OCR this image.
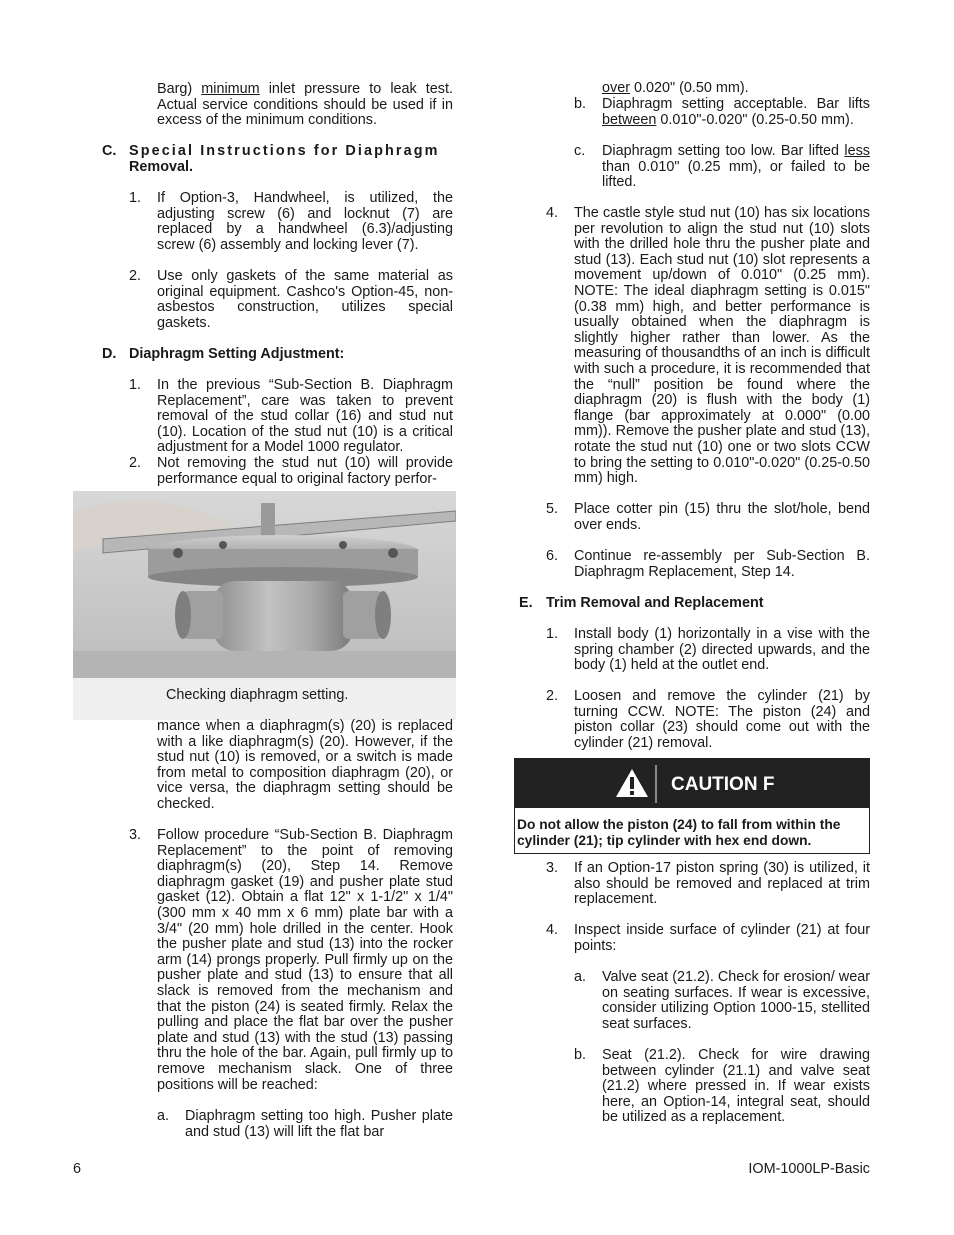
Barg) minimum inlet pressure to leak test. Actual service conditions should be used if in excess of the minimum conditions.
C. Special Instructions for Diaphragm
Removal.
1. If Option-3, Handwheel, is utilized, the adjusting screw (6) and locknut (7) are replaced by a handwheel (6.3)/adjusting screw (6) assembly and locking lever (7).
2. Use only gaskets of the same material as original equipment. Cashco's Option-45, non-asbestos construction, utilizes special gaskets.
D. Diaphragm Setting Adjustment:
1. In the previous “Sub-Section B. Diaphragm Replacement”, care was taken to prevent removal of the stud collar (16) and stud nut (10). Location of the stud nut (10) is a critical adjustment for a Model 1000 regulator.
2. Not removing the stud nut (10) will provide performance equal to original factory perfor-
Checking diaphragm setting.
mance when a diaphragm(s) (20) is replaced with a like diaphragm(s) (20). However, if the stud nut (10) is removed, or a switch is made from metal to composition diaphragm (20), or vice versa, the diaphragm setting should be checked.
3. Follow procedure “Sub-Section B. Diaphragm Replacement” to the point of removing diaphragm(s) (20), Step 14. Remove diaphragm gasket (19) and pusher plate stud gasket (12). Obtain a flat 12" x 1-1/2" x 1/4" (300 mm x 40 mm x 6 mm) plate bar with a 3/4" (20 mm) hole drilled in the center. Hook the pusher plate and stud (13) into the rocker arm (14) prongs properly. Pull firmly up on the pusher plate and stud (13) to ensure that all slack is removed from the mechanism and that the piston (24) is seated firmly. Relax the pulling and place the flat bar over the pusher plate and stud (13) with the stud (13) passing thru the hole of the bar. Again, pull firmly up to remove mechanism slack. One of three positions will be reached:
a. Diaphragm setting too high. Pusher plate and stud (13) will lift the flat bar
over 0.020" (0.50 mm).
b. Diaphragm setting acceptable. Bar lifts between 0.010"-0.020" (0.25-0.50 mm).
c. Diaphragm setting too low. Bar lifted less than 0.010" (0.25 mm), or failed to be lifted.
4. The castle style stud nut (10) has six locations per revolution to align the stud nut (10) slots with the drilled hole thru the pusher plate and stud (13). Each stud nut (10) slot represents a movement up/down of 0.010" (0.25 mm). NOTE: The ideal diaphragm setting is 0.015" (0.38 mm) high, and better performance is usually obtained when the diaphragm is slightly higher rather than lower. As the measuring of thousandths of an inch is difficult with such a procedure, it is recommended that the “null” position be found where the diaphragm (20) is flush with the body (1) flange (bar approximately at 0.000" (0.00 mm)). Remove the pusher plate and stud (13), rotate the stud nut (10) one or two slots CCW to bring the setting to 0.010"-0.020" (0.25-0.50 mm) high.
5. Place cotter pin (15) thru the slot/hole, bend over ends.
6. Continue re-assembly per Sub-Section B. Diaphragm Replacement, Step 14.
E. Trim Removal and Replacement
1. Install body (1) horizontally in a vise with the spring chamber (2) directed upwards, and the body (1) held at the outlet end.
2. Loosen and remove the cylinder (21) by turning CCW. NOTE: The piston (24) and piston collar (23) should come out with the cylinder (21) removal.
CAUTION F
Do not allow the piston (24) to fall from within the cylinder (21); tip cylinder with hex end down.
3. If an Option-17 piston spring (30) is utilized, it also should be removed and replaced at trim replacement.
4. Inspect inside surface of cylinder (21) at four points:
a. Valve seat (21.2). Check for erosion/ wear on seating surfaces. If wear is excessive, consider utilizing Option 1000-15, stellited seat surfaces.
b. Seat (21.2). Check for wire drawing between cylinder (21.1) and valve seat (21.2) where pressed in. If wear exists here, an Option-14, integral seat, should be utilized as a replacement.
6	IOM-1000LP-Basic
